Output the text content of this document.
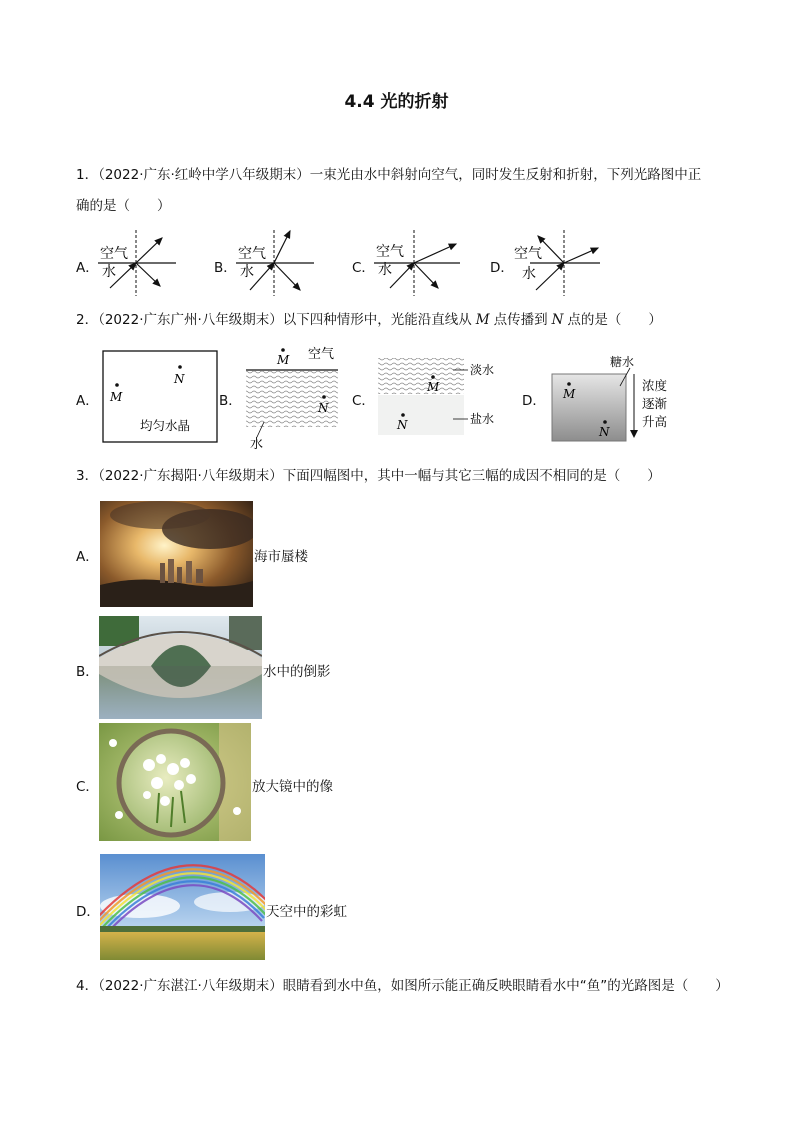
4.4 光的折射
1．（2022·广东·红岭中学八年级期末）一束光由水中斜射向空气，同时发生反射和折射，下列光路图中正
确的是（　　）
A．	B．	C．	D．
空气
水
空气
水
空气
水
空气
水
2．（2022·广东广州·八年级期末）以下四种情形中，光能沿直线从 M 点传播到 N 点的是（　　）
A．	B．	C．	D．
M
N
均匀水晶
M 空气
N
水
M
N
淡水
盐水
M
N
糖水
浓度
逐渐
升高
3．（2022·广东揭阳·八年级期末）下面四幅图中，其中一幅与其它三幅的成因不相同的是（　　）
A．	海市蜃楼
B．	水中的倒影
C．	放大镜中的像
D．	天空中的彩虹
4．（2022·广东湛江·八年级期末）眼睛看到水中鱼，如图所示能正确反映眼睛看水中“鱼”的光路图是（　　）
